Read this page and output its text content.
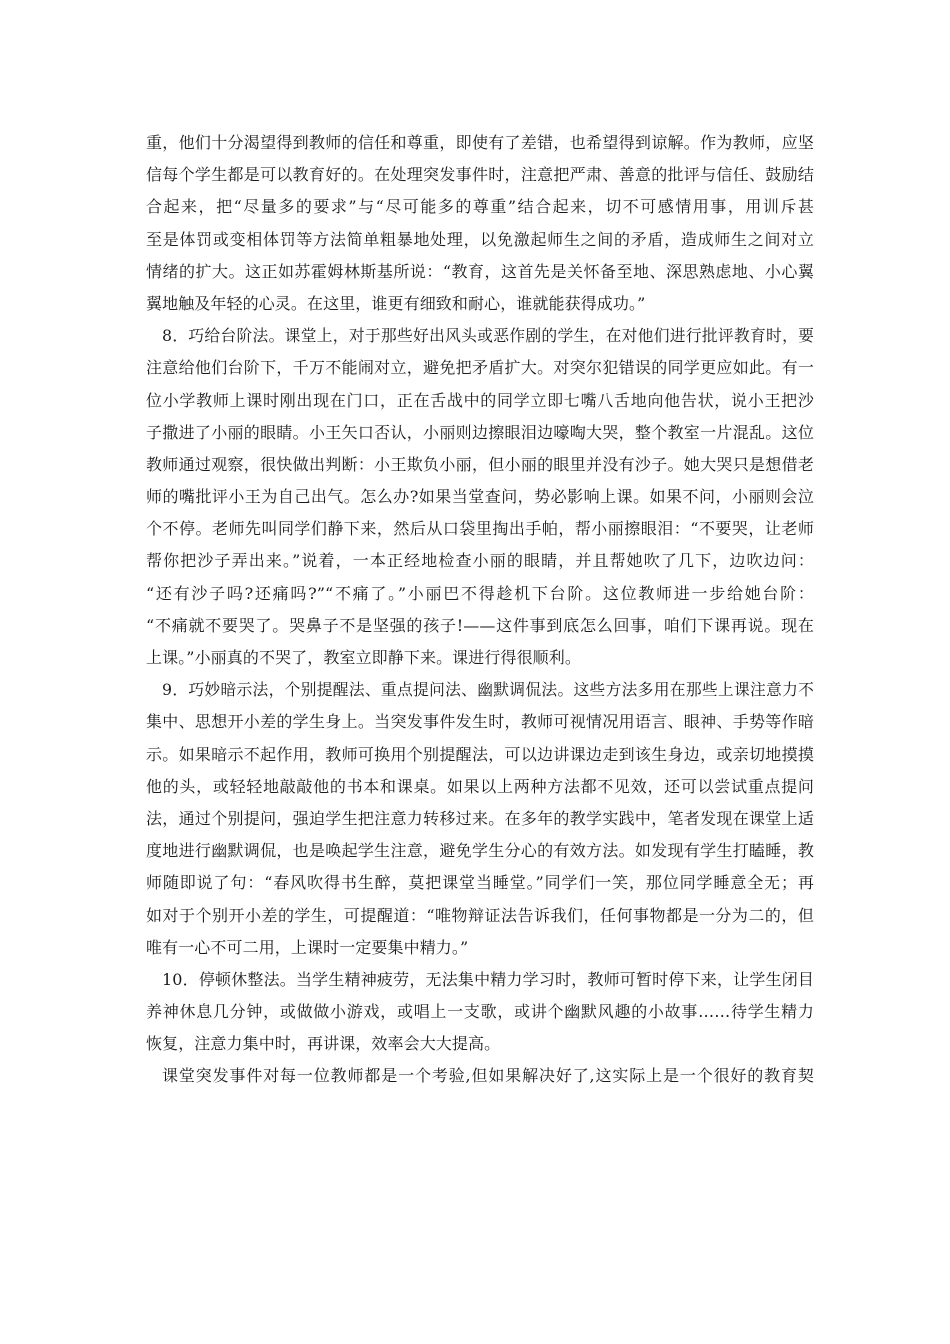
重，他们十分渴望得到教师的信任和尊重，即使有了差错，也希望得到谅解。作为教师，应坚
信每个学生都是可以教育好的。在处理突发事件时，注意把严肃、善意的批评与信任、鼓励结
合起来，把“尽量多的要求”与“尽可能多的尊重”结合起来，切不可感情用事，用训斥甚
至是体罚或变相体罚等方法简单粗暴地处理，以免激起师生之间的矛盾，造成师生之间对立
情绪的扩大。这正如苏霍姆林斯基所说：“教育，这首先是关怀备至地、深思熟虑地、小心翼
翼地触及年轻的心灵。在这里，谁更有细致和耐心，谁就能获得成功。”
8．巧给台阶法。课堂上，对于那些好出风头或恶作剧的学生，在对他们进行批评教育时，要
注意给他们台阶下，千万不能闹对立，避免把矛盾扩大。对突尔犯错误的同学更应如此。有一
位小学教师上课时刚出现在门口，正在舌战中的同学立即七嘴八舌地向他告状，说小王把沙
子撒进了小丽的眼睛。小王矢口否认，小丽则边擦眼泪边嚎啕大哭，整个教室一片混乱。这位
教师通过观察，很快做出判断：小王欺负小丽，但小丽的眼里并没有沙子。她大哭只是想借老
师的嘴批评小王为自己出气。怎么办?如果当堂查问，势必影响上课。如果不问，小丽则会泣
个不停。老师先叫同学们静下来，然后从口袋里掏出手帕，帮小丽擦眼泪：“不要哭，让老师
帮你把沙子弄出来。”说着，一本正经地检查小丽的眼睛，并且帮她吹了几下，边吹边问：
“还有沙子吗?还痛吗?”“不痛了。”小丽巴不得趁机下台阶。这位教师进一步给她台阶：
“不痛就不要哭了。哭鼻子不是坚强的孩子!——这件事到底怎么回事，咱们下课再说。现在
上课。”小丽真的不哭了，教室立即静下来。课进行得很顺利。
9．巧妙暗示法，个别提醒法、重点提问法、幽默调侃法。这些方法多用在那些上课注意力不
集中、思想开小差的学生身上。当突发事件发生时，教师可视情况用语言、眼神、手势等作暗
示。如果暗示不起作用，教师可换用个别提醒法，可以边讲课边走到该生身边，或亲切地摸摸
他的头，或轻轻地敲敲他的书本和课桌。如果以上两种方法都不见效，还可以尝试重点提问
法，通过个别提问，强迫学生把注意力转移过来。在多年的教学实践中，笔者发现在课堂上适
度地进行幽默调侃，也是唤起学生注意，避免学生分心的有效方法。如发现有学生打瞌睡，教
师随即说了句：“春风吹得书生醉，莫把课堂当睡堂。”同学们一笑，那位同学睡意全无；再
如对于个别开小差的学生，可提醒道：“唯物辩证法告诉我们，任何事物都是一分为二的，但
唯有一心不可二用，上课时一定要集中精力。”
10．停顿休整法。当学生精神疲劳，无法集中精力学习时，教师可暂时停下来，让学生闭目
养神休息几分钟，或做做小游戏，或唱上一支歌，或讲个幽默风趣的小故事……待学生精力
恢复，注意力集中时，再讲课，效率会大大提高。
课堂突发事件对每一位教师都是一个考验,但如果解决好了,这实际上是一个很好的教育契
